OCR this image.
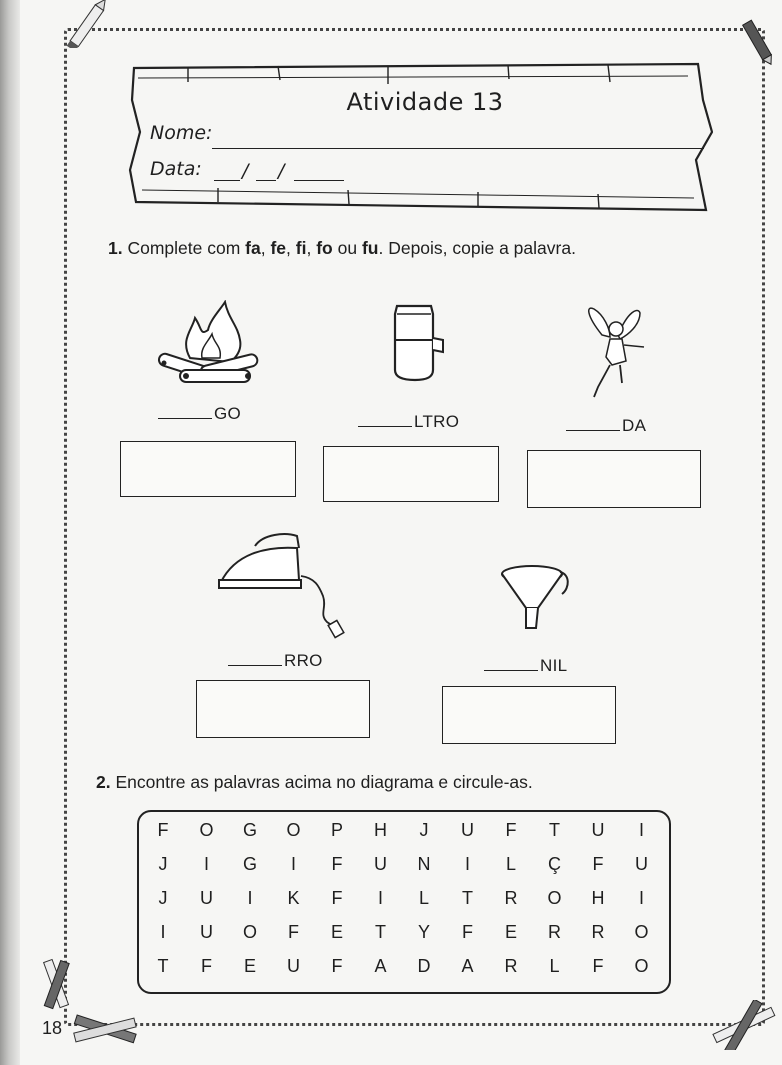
Atividade 13
Nome:
Data: / /
1. Complete com fa, fe, fi, fo ou fu. Depois, copie a palavra.
GO	LTRO	DA
RRO	NIL
2. Encontre as palavras acima no diagrama e circule-as.
F	O	G	O	P	H	J	U	F	T	U	I
J	I	G	I	F	U	N	I	L	Ç	F	U
J	U	I	K	F	I	L	T	R	O	H	I
I	U	O	F	E	T	Y	F	E	R	R	O
T	F	E	U	F	A	D	A	R	L	F	O
18
